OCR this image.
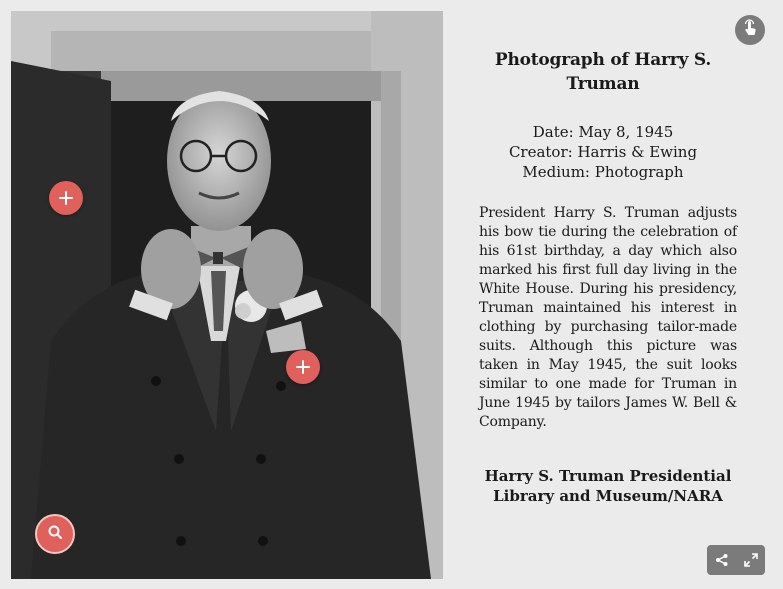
Photograph of Harry S. Truman
Date: May 8, 1945
Creator: Harris & Ewing
Medium: Photograph
President Harry S. Truman adjusts his bow tie during the celebration of his 61st birthday, a day which also marked his first full day living in the White House. During his presidency, Truman maintained his interest in clothing by purchasing tailor-made suits. Although this picture was taken in May 1945, the suit looks similar to one made for Truman in June 1945 by tailors James W. Bell & Company.
Harry S. Truman Presidential
Library and Museum/NARA
